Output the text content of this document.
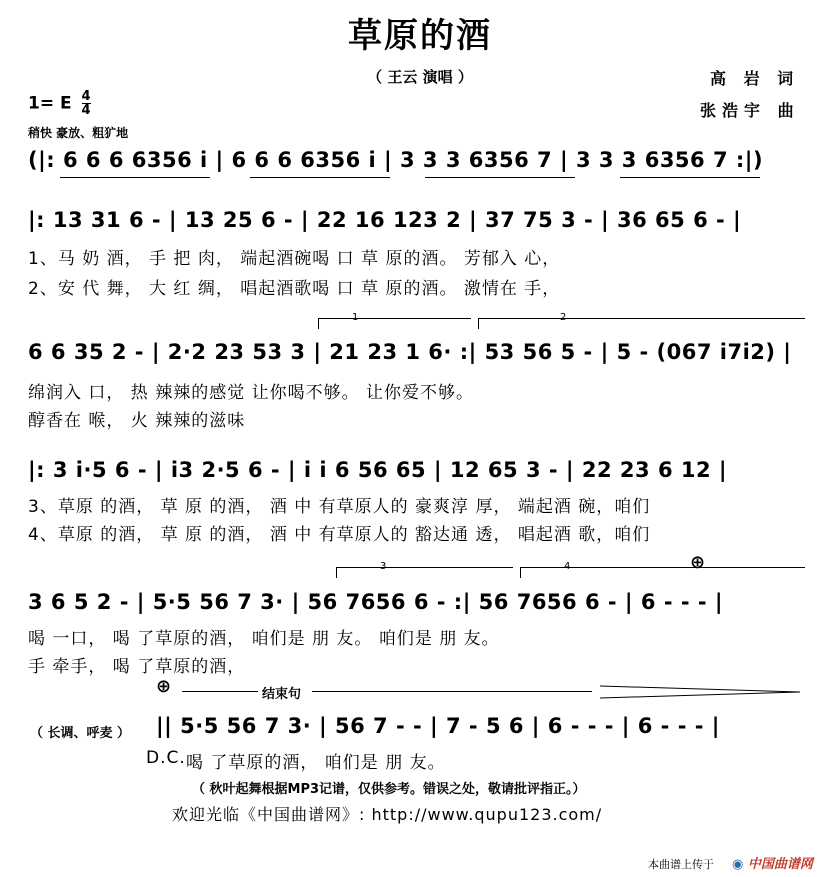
草原的酒
（ 王云 演唱 ）	高 岩 词
张浩宇 曲
1= E $\frac{4}{4}$
稍快 豪放、粗犷地
(|: 6 6 6 6356 i | 6 6 6 6356 i | 3 3 3 6356 7 | 3 3 3 6356 7 :|)
|: 13 31 6 - | 13 25 6 - | 22 16 123 2 | 37 75 3 - | 36 65 6 - |
1、马 奶 酒， 手 把 肉， 端起酒碗喝 口 草 原的酒。 芳郁入 心，
2、安 代 舞， 大 红 绸， 唱起酒歌喝 口 草 原的酒。 激情在 手，
1	2
6 6 35 2 - | 2·2 23 53 3 | 21 23 1 6· :| 53 56 5 - | 5 - (067 i7i2) |
绵润入 口， 热 辣辣的感觉 让你喝不够。 让你爱不够。
醇香在 喉， 火 辣辣的滋味
|: 3 i·5 6 - | i3 2·5 6 - | i i 6 56 65 | 12 65 3 - | 22 23 6 12 |
3、草原 的酒， 草 原 的酒， 酒 中 有草原人的 豪爽淳 厚， 端起酒 碗，咱们
4、草原 的酒， 草 原 的酒， 酒 中 有草原人的 豁达通 透， 唱起酒 歌，咱们
3	4	⊕
3 6 5 2 - | 5·5 56 7 3· | 56 7656 6 - :| 56 7656 6 - | 6 - - - |
喝 一口， 喝 了草原的酒， 咱们是 朋 友。 咱们是 朋 友。
手 牵手， 喝 了草原的酒，
⊕	结束句
（ 长调、呼麦 ） || 5·5 56 7 3· | 56 7 - - | 7 - 5 6 | 6 - - - | 6 - - - |
D.C. 喝 了草原的酒， 咱们是 朋 友。
（ 秋叶起舞根据MP3记谱，仅供参考。错误之处，敬请批评指正。）
欢迎光临《中国曲谱网》: http://www.qupu123.com/
本曲谱上传于 ◉ 中国曲谱网
